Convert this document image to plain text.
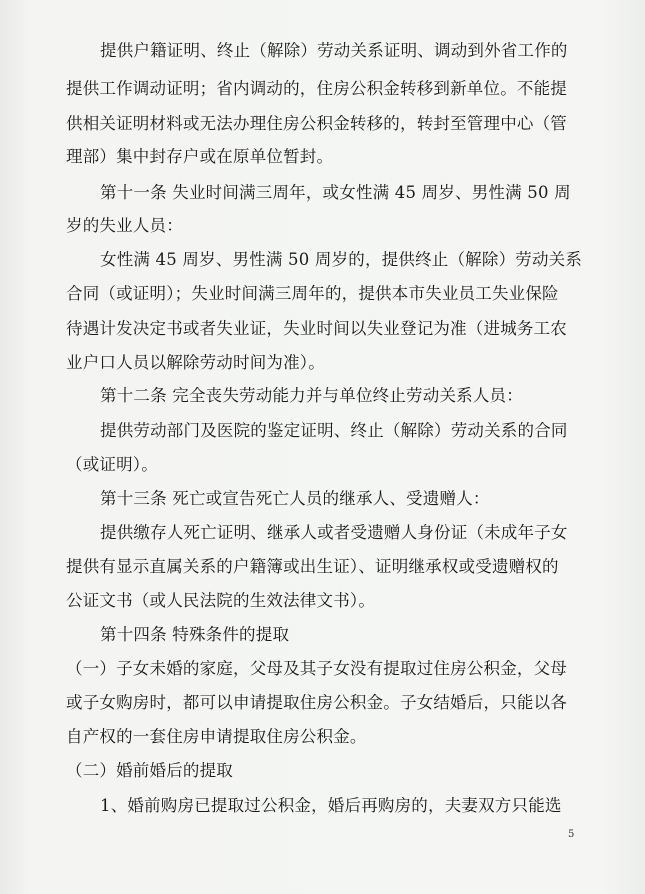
提供户籍证明、终止（解除）劳动关系证明、调动到外省工作的
提供工作调动证明；省内调动的，住房公积金转移到新单位。不能提
供相关证明材料或无法办理住房公积金转移的，转封至管理中心（管
理部）集中封存户或在原单位暂封。
第十一条 失业时间满三周年，或女性满 45 周岁、男性满 50 周
岁的失业人员：
女性满 45 周岁、男性满 50 周岁的，提供终止（解除）劳动关系
合同（或证明）；失业时间满三周年的，提供本市失业员工失业保险
待遇计发决定书或者失业证，失业时间以失业登记为准（进城务工农
业户口人员以解除劳动时间为准）。
第十二条 完全丧失劳动能力并与单位终止劳动关系人员：
提供劳动部门及医院的鉴定证明、终止（解除）劳动关系的合同
（或证明）。
第十三条 死亡或宣告死亡人员的继承人、受遗赠人：
提供缴存人死亡证明、继承人或者受遗赠人身份证（未成年子女
提供有显示直属关系的户籍簿或出生证）、证明继承权或受遗赠权的
公证文书（或人民法院的生效法律文书）。
第十四条 特殊条件的提取
（一）子女未婚的家庭，父母及其子女没有提取过住房公积金，父母
或子女购房时，都可以申请提取住房公积金。子女结婚后，只能以各
自产权的一套住房申请提取住房公积金。
（二）婚前婚后的提取
1、婚前购房已提取过公积金，婚后再购房的，夫妻双方只能选
5
